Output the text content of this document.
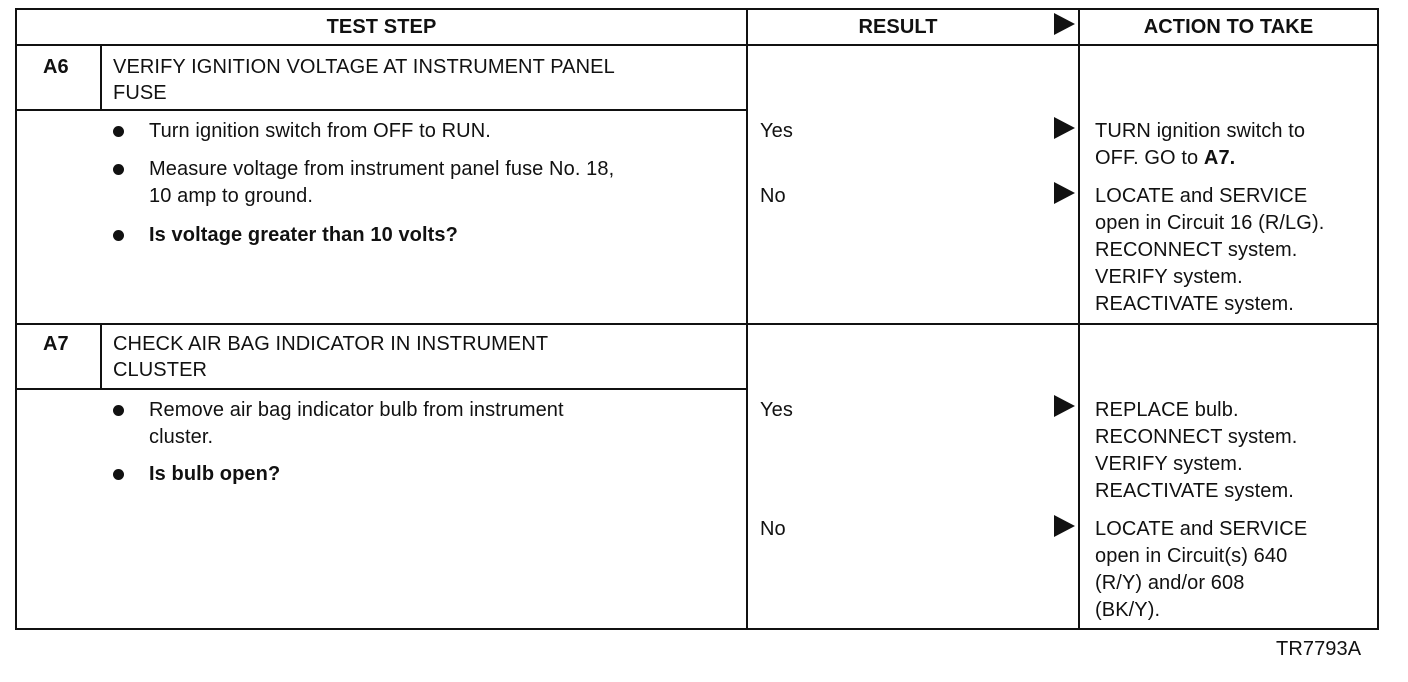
TEST STEP	RESULT	ACTION TO TAKE
A6 VERIFY IGNITION VOLTAGE AT INSTRUMENT PANEL
FUSE
Turn ignition switch from OFF to RUN.
Measure voltage from instrument panel fuse No. 18,
10 amp to ground.
Is voltage greater than 10 volts?
Yes	TURN ignition switch to
OFF. GO to A7.
No	LOCATE and SERVICE
open in Circuit 16 (R/LG).
RECONNECT system.
VERIFY system.
REACTIVATE system.
A7 CHECK AIR BAG INDICATOR IN INSTRUMENT
CLUSTER
Remove air bag indicator bulb from instrument
cluster.
Is bulb open?
Yes	REPLACE bulb.
RECONNECT system.
VERIFY system.
REACTIVATE system.
No	LOCATE and SERVICE
open in Circuit(s) 640
(R/Y) and/or 608
(BK/Y).
TR7793A
